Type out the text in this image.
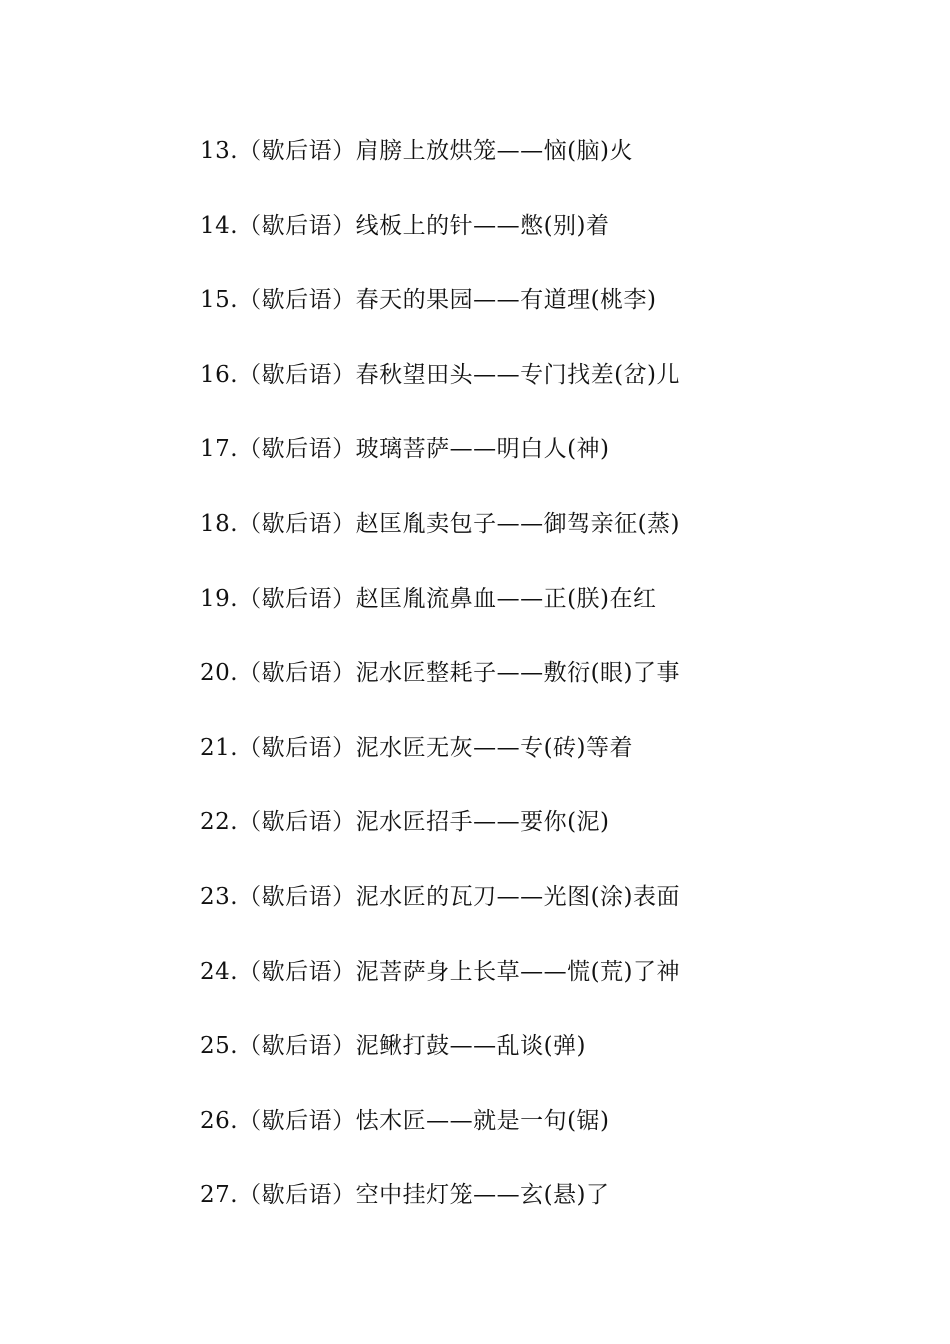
13.（歇后语）肩膀上放烘笼——恼(脑)火
14.（歇后语）线板上的针——憋(别)着
15.（歇后语）春天的果园——有道理(桃李)
16.（歇后语）春秋望田头——专门找差(岔)儿
17.（歇后语）玻璃菩萨——明白人(神)
18.（歇后语）赵匡胤卖包子——御驾亲征(蒸)
19.（歇后语）赵匡胤流鼻血——正(朕)在红
20.（歇后语）泥水匠整耗子——敷衍(眼)了事
21.（歇后语）泥水匠无灰——专(砖)等着
22.（歇后语）泥水匠招手——要你(泥)
23.（歇后语）泥水匠的瓦刀——光图(涂)表面
24.（歇后语）泥菩萨身上长草——慌(荒)了神
25.（歇后语）泥鳅打鼓——乱谈(弹)
26.（歇后语）怯木匠——就是一句(锯)
27.（歇后语）空中挂灯笼——玄(悬)了
